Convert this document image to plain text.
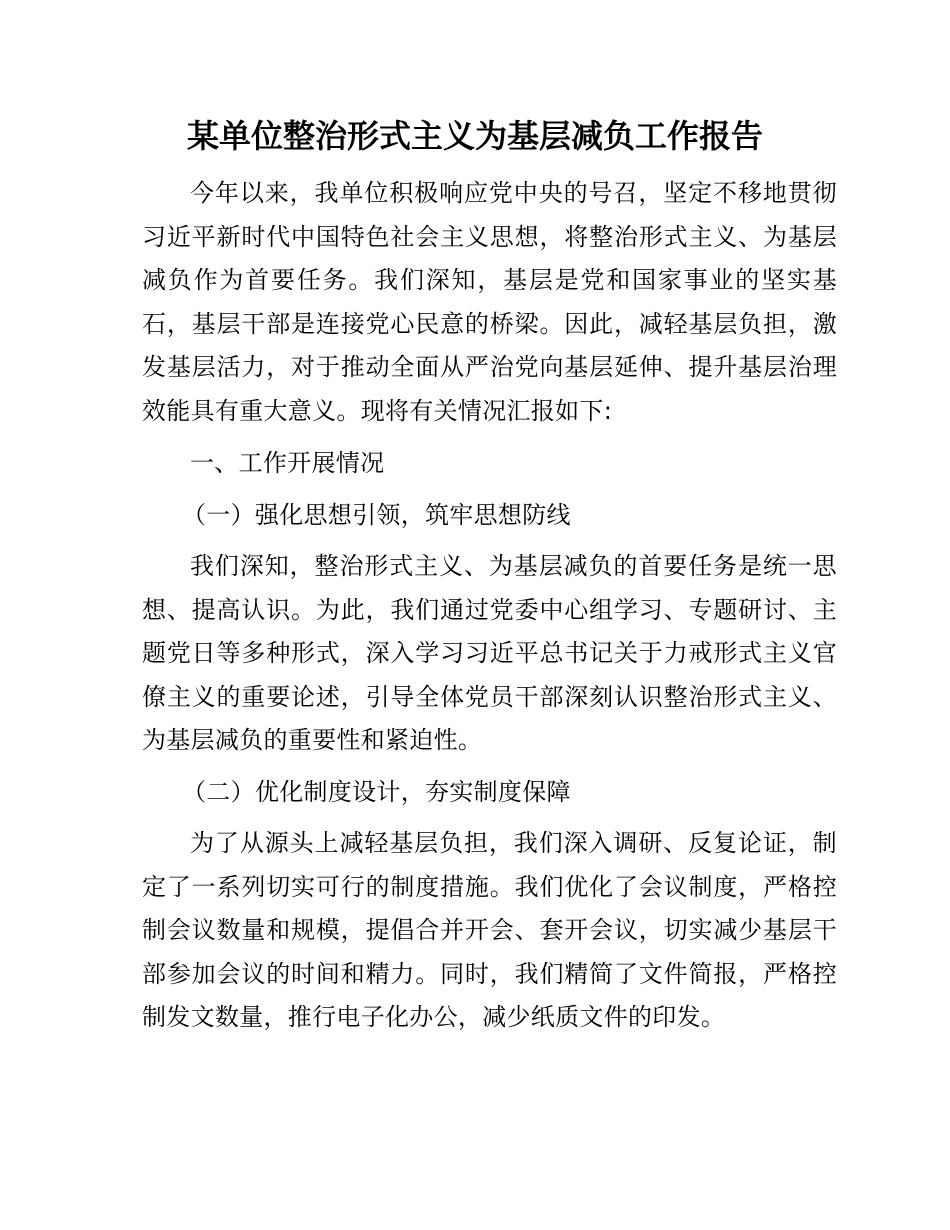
某单位整治形式主义为基层减负工作报告

今年以来，我单位积极响应党中央的号召，坚定不移地贯彻习近平新时代中国特色社会主义思想，将整治形式主义、为基层减负作为首要任务。我们深知，基层是党和国家事业的坚实基石，基层干部是连接党心民意的桥梁。因此，减轻基层负担，激发基层活力，对于推动全面从严治党向基层延伸、提升基层治理效能具有重大意义。现将有关情况汇报如下:

一、工作开展情况

（一）强化思想引领，筑牢思想防线

我们深知，整治形式主义、为基层减负的首要任务是统一思想、提高认识。为此，我们通过党委中心组学习、专题研讨、主题党日等多种形式，深入学习习近平总书记关于力戒形式主义官僚主义的重要论述，引导全体党员干部深刻认识整治形式主义、为基层减负的重要性和紧迫性。

（二）优化制度设计，夯实制度保障

为了从源头上减轻基层负担，我们深入调研、反复论证，制定了一系列切实可行的制度措施。我们优化了会议制度，严格控制会议数量和规模，提倡合并开会、套开会议，切实减少基层干部参加会议的时间和精力。同时，我们精简了文件简报，严格控制发文数量，推行电子化办公，减少纸质文件的印发。
